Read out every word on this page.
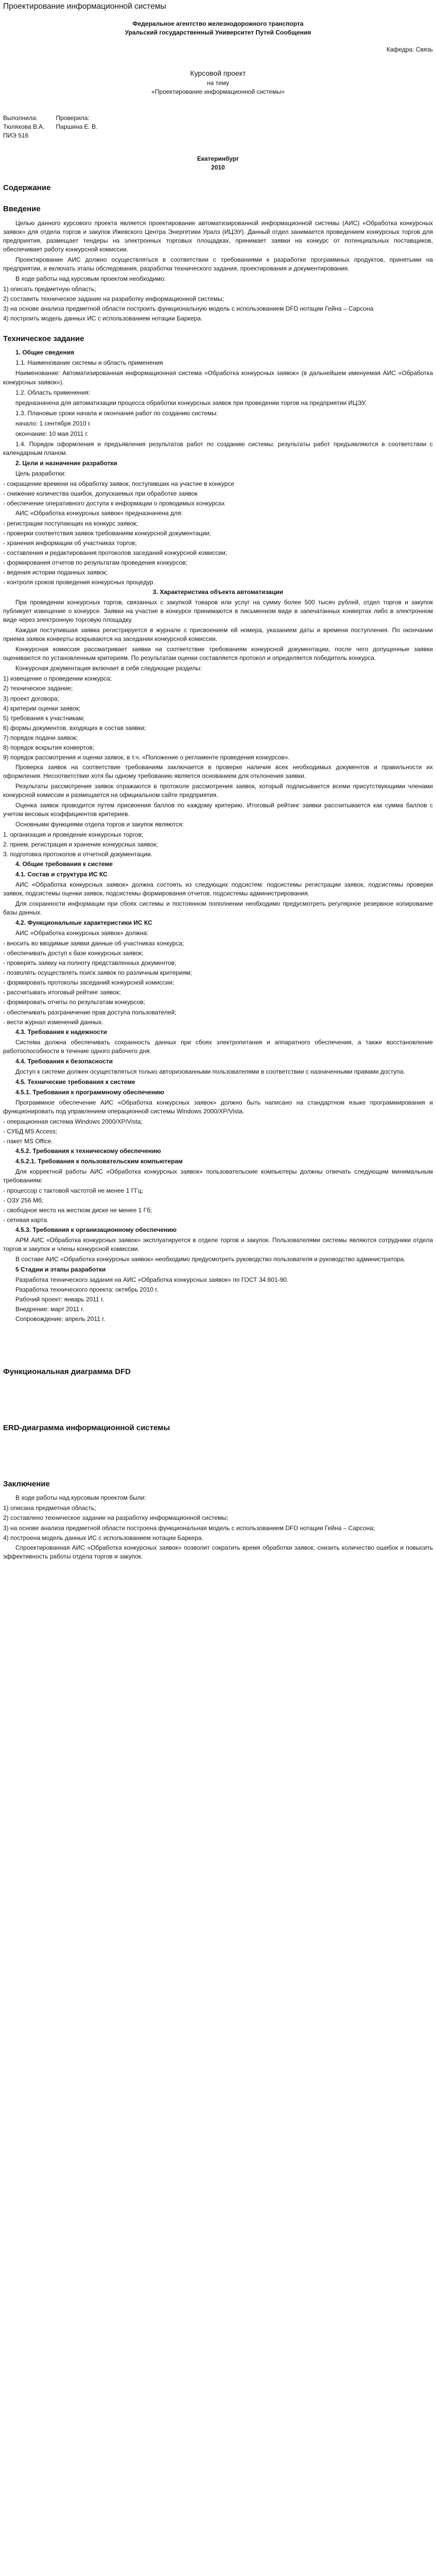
Проектирование информационной системы
Федеральное агентство железнодорожного транспорта
Уральский государственный Университет Путей Сообщения
Кафедра: Связь
Курсовой проект
на тему
«Проектирование информационной системы»
Выполнила:
Тюляхова В.А.
ПИЭ 516
Проверила:
Паршина Е. В.
Екатеринбург
2010
Содержание
Введение
Целью данного курсового проекта является проектирование автоматизированной информационной системы (АИС) «Обработка конкурсных заявок» для отдела торгов и закупок Ижевского Центра Энергетики Уралэ (ИЦЭУ). Данный отдел занимается проведением конкурсных торгов для предприятия, размещает тендеры на электронных торговых площадках, принимает заявки на конкурс от потенциальных поставщиков, обеспечивает работу конкурсной комиссии.
Проектирование АИС должно осуществляться в соответствии с требованиями к разработке программных продуктов, принятыми на предприятии, и включать этапы обследования, разработки технического задания, проектирования и документирования.
В ходе работы над курсовым проектом необходимо:
1) описать предметную область;
2) составить техническое задание на разработку информационной системы;
3) на основе анализа предметной области построить функциональную модель с использованием DFD нотации Гейна – Сарсона
4) построить модель данных ИС с использованием нотации Баркера.
Техническое задание
1. Общие сведения
1.1. Наименование системы и область применения
Наименование: Автоматизированная информационная система «Обработка конкурсных заявок» (в дальнейшем именуемая АИС «Обработка конкурсных заявок»).
1.2. Область применения:
предназначена для автоматизации процесса обработки конкурсных заявок при проведении торгов на предприятии ИЦЭУ.
1.3. Плановые сроки начала и окончания работ по созданию системы:
начало: 1 сентября 2010 г.
окончание: 10 мая 2011 г.
1.4. Порядок оформления и предъявления результатов работ по созданию системы: результаты работ предъявляются в соответствии с календарным планом.
2. Цели и назначение разработки
Цель разработки:
- сокращение времени на обработку заявок, поступивших на участие в конкурсе
- снижение количества ошибок, допускаемых при обработке заявок
- обеспечение оперативного доступа к информации о проводимых конкурсах
АИС «Обработка конкурсных заявок» предназначена для:
- регистрации поступающих на конкурс заявок;
- проверки соответствия заявок требованиям конкурсной документации;
- хранения информации об участниках торгов;
- составления и редактирования протоколов заседаний конкурсной комиссии;
- формирования отчетов по результатам проведения конкурсов;
- ведения истории поданных заявок;
- контроля сроков проведения конкурсных процедур.
3. Характеристика объекта автоматизации
При проведении конкурсных торгов, связанных с закупкой товаров или услуг на сумму более 500 тысяч рублей, отдел торгов и закупок публикует извещение о конкурсе. Заявки на участие в конкурсе принимаются в письменном виде в запечатанных конвертах либо в электронном виде через электронную торговую площадку.
Каждая поступившая заявка регистрируется в журнале с присвоением ей номера, указанием даты и времени поступления. По окончании приема заявок конверты вскрываются на заседании конкурсной комиссии.
Конкурсная комиссия рассматривает заявки на соответствие требованиям конкурсной документации, после чего допущенные заявки оцениваются по установленным критериям. По результатам оценки составляется протокол и определяется победитель конкурса.
Конкурсная документация включает в себя следующие разделы:
1) извещение о проведении конкурса;
2) техническое задание;
3) проект договора;
4) критерии оценки заявок;
5) требования к участникам;
6) формы документов, входящих в состав заявки;
7) порядок подачи заявок;
8) порядок вскрытия конвертов;
9) порядок рассмотрения и оценки заявок, в т.ч. «Положение о регламенте проведения конкурсов».
Проверка заявок на соответствие требованиям заключается в проверке наличия всех необходимых документов и правильности их оформления. Несоответствие хотя бы одному требованию является основанием для отклонения заявки.
Результаты рассмотрения заявок отражаются в протоколе рассмотрения заявок, который подписывается всеми присутствующими членами конкурсной комиссии и размещается на официальном сайте предприятия.
Оценка заявок проводится путем присвоения баллов по каждому критерию. Итоговый рейтинг заявки рассчитывается как сумма баллов с учетом весовых коэффициентов критериев.
Основными функциями отдела торгов и закупок являются:
1. организация и проведение конкурсных торгов;
2. прием, регистрация и хранение конкурсных заявок;
3. подготовка протоколов и отчетной документации.
4. Общие требования к системе
4.1. Состав и структура ИС КС
АИС «Обработка конкурсных заявок» должна состоять из следующих подсистем: подсистемы регистрации заявок, подсистемы проверки заявок, подсистемы оценки заявок, подсистемы формирования отчетов, подсистемы администрирования.
Для сохранности информации при сбоях системы и постоянном пополнении необходимо предусмотреть регулярное резервное копирование базы данных.
4.2. Функциональные характеристики ИС КС
АИС «Обработка конкурсных заявок» должна:
- вносить во вводимые заявки данные об участниках конкурса;
- обеспечивать доступ к базе конкурсных заявок;
- проверять заявку на полноту представленных документов;
- позволять осуществлять поиск заявок по различным критериям;
- формировать протоколы заседаний конкурсной комиссии;
- рассчитывать итоговый рейтинг заявок;
- формировать отчеты по результатам конкурсов;
- обеспечивать разграничение прав доступа пользователей;
- вести журнал изменений данных.
4.3. Требования к надежности
Система должна обеспечивать сохранность данных при сбоях электропитания и аппаратного обеспечения, а также восстановление работоспособности в течение одного рабочего дня.
4.4. Требования к безопасности
Доступ к системе должен осуществляться только авторизованными пользователями в соответствии с назначенными правами доступа.
4.5. Технические требования к системе
4.5.1. Требования к программному обеспечению
Программное обеспечение АИС «Обработка конкурсных заявок» должно быть написано на стандартном языке программирования и функционировать под управлением операционной системы Windows 2000/XP/Vista.
- операционная система Windows 2000/XP/Vista;
- СУБД MS Access;
- пакет MS Office.
4.5.2. Требования к техническому обеспечению
4.5.2.1. Требования к пользовательским компьютерам
Для корректной работы АИС «Обработка конкурсных заявок» пользовательские компьютеры должны отвечать следующим минимальным требованиям:
- процессор с тактовой частотой не менее 1 ГГц;
- ОЗУ 256 Мб;
- свободное место на жестком диске не менее 1 Гб;
- сетевая карта.
4.5.3. Требования к организационному обеспечению
АРМ АИС «Обработка конкурсных заявок» эксплуатируется в отделе торгов и закупок. Пользователями системы являются сотрудники отдела торгов и закупок и члены конкурсной комиссии.
В составе АИС «Обработка конкурсных заявок» необходимо предусмотреть руководство пользователя и руководство администратора.
5 Стадии и этапы разработки
Разработка технического задания на АИС «Обработка конкурсных заявок» по ГОСТ 34.601-90.
Разработка технического проекта: октябрь 2010 г.
Рабочий проект: январь 2011 г.
Внедрение: март 2011 г.
Сопровождение: апрель 2011 г.
Функциональная диаграмма DFD
ERD-диаграмма информационной системы
Заключение
В ходе работы над курсовым проектом были:
1) описана предметная область;
2) составлено техническое задание на разработку информационной системы;
3) на основе анализа предметной области построена функциональная модель с использованием DFD нотации Гейна – Сарсона;
4) построена модель данных ИС с использованием нотации Баркера.
Спроектированная АИС «Обработка конкурсных заявок» позволит сократить время обработки заявок, снизить количество ошибок и повысить эффективность работы отдела торгов и закупок.
